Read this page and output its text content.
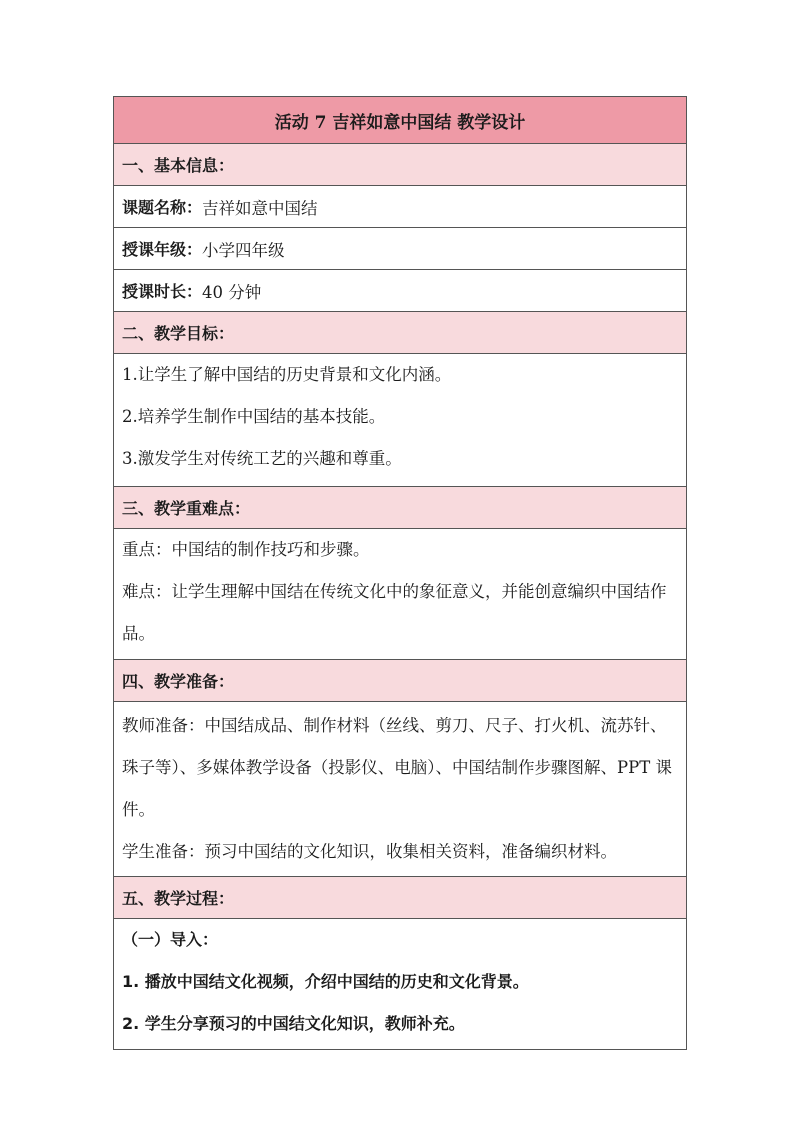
活动 7 吉祥如意中国结 教学设计
一、基本信息：
课题名称： 吉祥如意中国结
授课年级： 小学四年级
授课时长： 40 分钟
二、教学目标：

1.让学生了解中国结的历史背景和文化内涵。

2.培养学生制作中国结的基本技能。

3.激发学生对传统工艺的兴趣和尊重。

三、教学重难点：

重点：中国结的制作技巧和步骤。

难点：让学生理解中国结在传统文化中的象征意义，并能创意编织中国结作品。

四、教学准备：

教师准备：中国结成品、制作材料（丝线、剪刀、尺子、打火机、流苏针、珠子等）、多媒体教学设备（投影仪、电脑）、中国结制作步骤图解、PPT 课件。

学生准备：预习中国结的文化知识，收集相关资料，准备编织材料。

五、教学过程：

（一）导入：

1. 播放中国结文化视频，介绍中国结的历史和文化背景。

2. 学生分享预习的中国结文化知识，教师补充。
